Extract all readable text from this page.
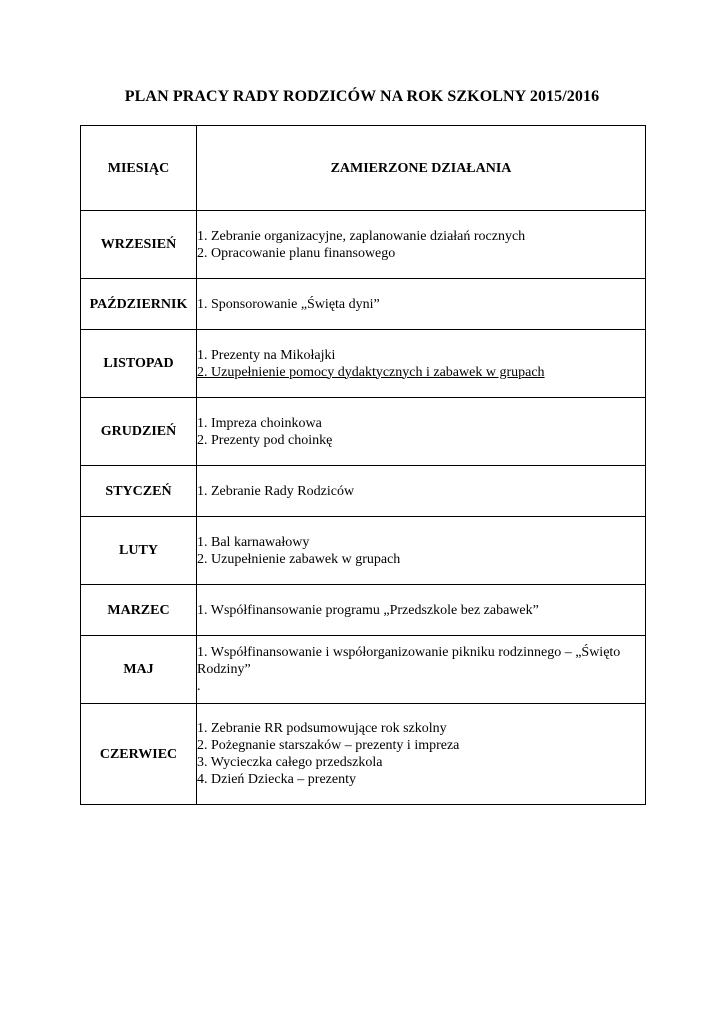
PLAN PRACY RADY RODZICÓW NA ROK SZKOLNY 2015/2016
MIESIĄC	ZAMIERZONE DZIAŁANIA
WRZESIEŃ	1. Zebranie organizacyjne, zaplanowanie działań rocznych
2. Opracowanie planu finansowego

PAŹDZIERNIK	1. Sponsorowanie „Święta dyni”

LISTOPAD	1. Prezenty na Mikołajki
2. Uzupełnienie pomocy dydaktycznych i zabawek w grupach

GRUDZIEŃ	1. Impreza choinkowa
2. Prezenty pod choinkę

STYCZEŃ	1. Zebranie Rady Rodziców

LUTY	1. Bal karnawałowy
2. Uzupełnienie zabawek w grupach

MARZEC	1. Współfinansowanie programu „Przedszkole bez zabawek”

MAJ	1. Współfinansowanie i współorganizowanie pikniku rodzinnego – „Święto Rodziny”
.

CZERWIEC	1. Zebranie RR podsumowujące rok szkolny
2. Pożegnanie starszaków – prezenty i impreza
3. Wycieczka całego przedszkola
4. Dzień Dziecka – prezenty
